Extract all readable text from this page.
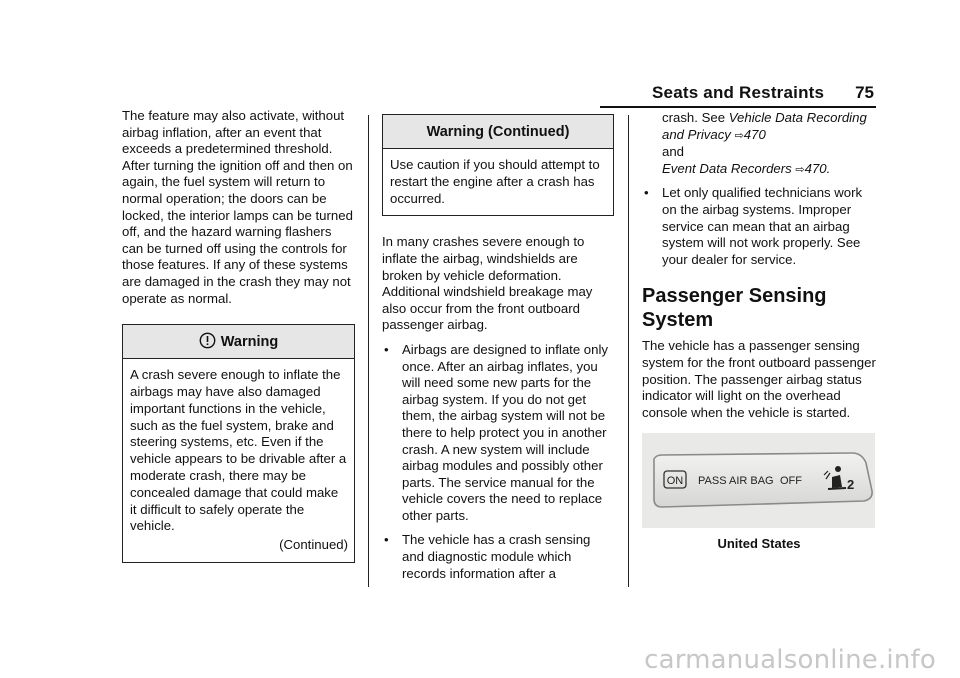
Seats and Restraints 75

The feature may also activate, without airbag inflation, after an event that exceeds a predetermined threshold. After turning the ignition off and then on again, the fuel system will return to normal operation; the doors can be locked, the interior lamps can be turned off, and the hazard warning flashers can be turned off using the controls for those features. If any of these systems are damaged in the crash they may not operate as normal.

Warning

A crash severe enough to inflate the airbags may have also damaged important functions in the vehicle, such as the fuel system, brake and steering systems, etc. Even if the vehicle appears to be drivable after a moderate crash, there may be concealed damage that could make it difficult to safely operate the vehicle.

(Continued)

Warning (Continued)

Use caution if you should attempt to restart the engine after a crash has occurred.

In many crashes severe enough to inflate the airbag, windshields are broken by vehicle deformation. Additional windshield breakage may also occur from the front outboard passenger airbag.

• Airbags are designed to inflate only once. After an airbag inflates, you will need some new parts for the airbag system. If you do not get them, the airbag system will not be there to help protect you in another crash. A new system will include airbag modules and possibly other parts. The service manual for the vehicle covers the need to replace other parts.

• The vehicle has a crash sensing and diagnostic module which records information after a

crash. See Vehicle Data Recording and Privacy ⇨470
and
Event Data Recorders ⇨470.
• Let only qualified technicians work on the airbag systems. Improper service can mean that an airbag system will not work properly. See your dealer for service.

Passenger Sensing System

The vehicle has a passenger sensing system for the front outboard passenger position. The passenger airbag status indicator will light on the overhead console when the vehicle is started.

ON PASS AIR BAG OFF	2

United States

carmanualsonline.info
